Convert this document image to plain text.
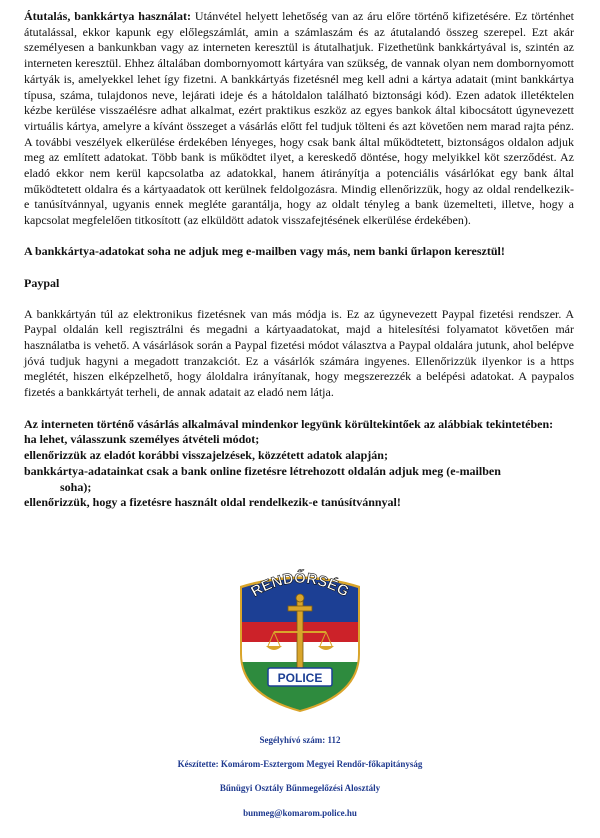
Átutalás, bankkártya használat: Utánvétel helyett lehetőség van az áru előre történő kifizetésére. Ez történhet átutalással, ekkor kapunk egy előlegszámlát, amin a számlaszám és az átutalandó összeg szerepel. Ezt akár személyesen a bankunkban vagy az interneten keresztül is átutalhatjuk. Fizethetünk bankkártyával is, szintén az interneten keresztül. Ehhez általában dombornyomott kártyára van szükség, de vannak olyan nem dombornyomott kártyák is, amelyekkel lehet így fizetni. A bankkártyás fizetésnél meg kell adni a kártya adatait (mint bankkártya típusa, száma, tulajdonos neve, lejárati ideje és a hátoldalon található biztonsági kód). Ezen adatok illetéktelen kézbe kerülése visszaélésre adhat alkalmat, ezért praktikus eszköz az egyes bankok által kibocsátott úgynevezett virtuális kártya, amelyre a kívánt összeget a vásárlás előtt fel tudjuk tölteni és azt követően nem marad rajta pénz. A további veszélyek elkerülése érdekében lényeges, hogy csak bank által működtetett, biztonságos oldalon adjuk meg az említett adatokat. Több bank is működtet ilyet, a kereskedő döntése, hogy melyikkel köt szerződést. Az eladó ekkor nem kerül kapcsolatba az adatokkal, hanem átirányítja a potenciális vásárlókat egy bank által működtetett oldalra és a kártyaadatok ott kerülnek feldolgozásra. Mindig ellenőrizzük, hogy az oldal rendelkezik-e tanúsítvánnyal, ugyanis ennek megléte garantálja, hogy az oldalt tényleg a bank üzemelteti, illetve, hogy a kapcsolat megfelelően titkosított (az elküldött adatok visszafejtésének elkerülése érdekében).

A bankkártya-adatokat soha ne adjuk meg e-mailben vagy más, nem banki űrlapon keresztül!
Paypal

A bankkártyán túl az elektronikus fizetésnek van más módja is. Ez az úgynevezett Paypal fizetési rendszer. A Paypal oldalán kell regisztrálni és megadni a kártyaadatokat, majd a hitelesítési folyamatot követően már használatba is vehető. A vásárlások során a Paypal fizetési módot választva a Paypal oldalára jutunk, ahol belépve jóvá tudjuk hagyni a megadott tranzakciót. Ez a vásárlók számára ingyenes. Ellenőrizzük ilyenkor is a https meglétét, hiszen elképzelhető, hogy áloldalra irányítanak, hogy megszerezzék a belépési adatokat. A paypalos fizetés a bankkártyát terheli, de annak adatait az eladó nem látja.

Az interneten történő vásárlás alkalmával mindenkor legyünk körültekintőek az alábbiak tekintetében:
ha lehet, válasszunk személyes átvételi módot;
ellenőrizzük az eladót korábbi visszajelzések, közzétett adatok alapján;
bankkártya-adatainkat csak a bank online fizetésre létrehozott oldalán adjuk meg (e-mailben
soha);
ellenőrizzük, hogy a fizetésre használt oldal rendelkezik-e tanúsítvánnyal!
RENDŐRSÉG
POLICE
Segélyhívó szám: 112
Készítette: Komárom-Esztergom Megyei Rendőr-főkapitányság
Bűnügyi Osztály Bűnmegelőzési Alosztály
bunmeg@komarom.police.hu
